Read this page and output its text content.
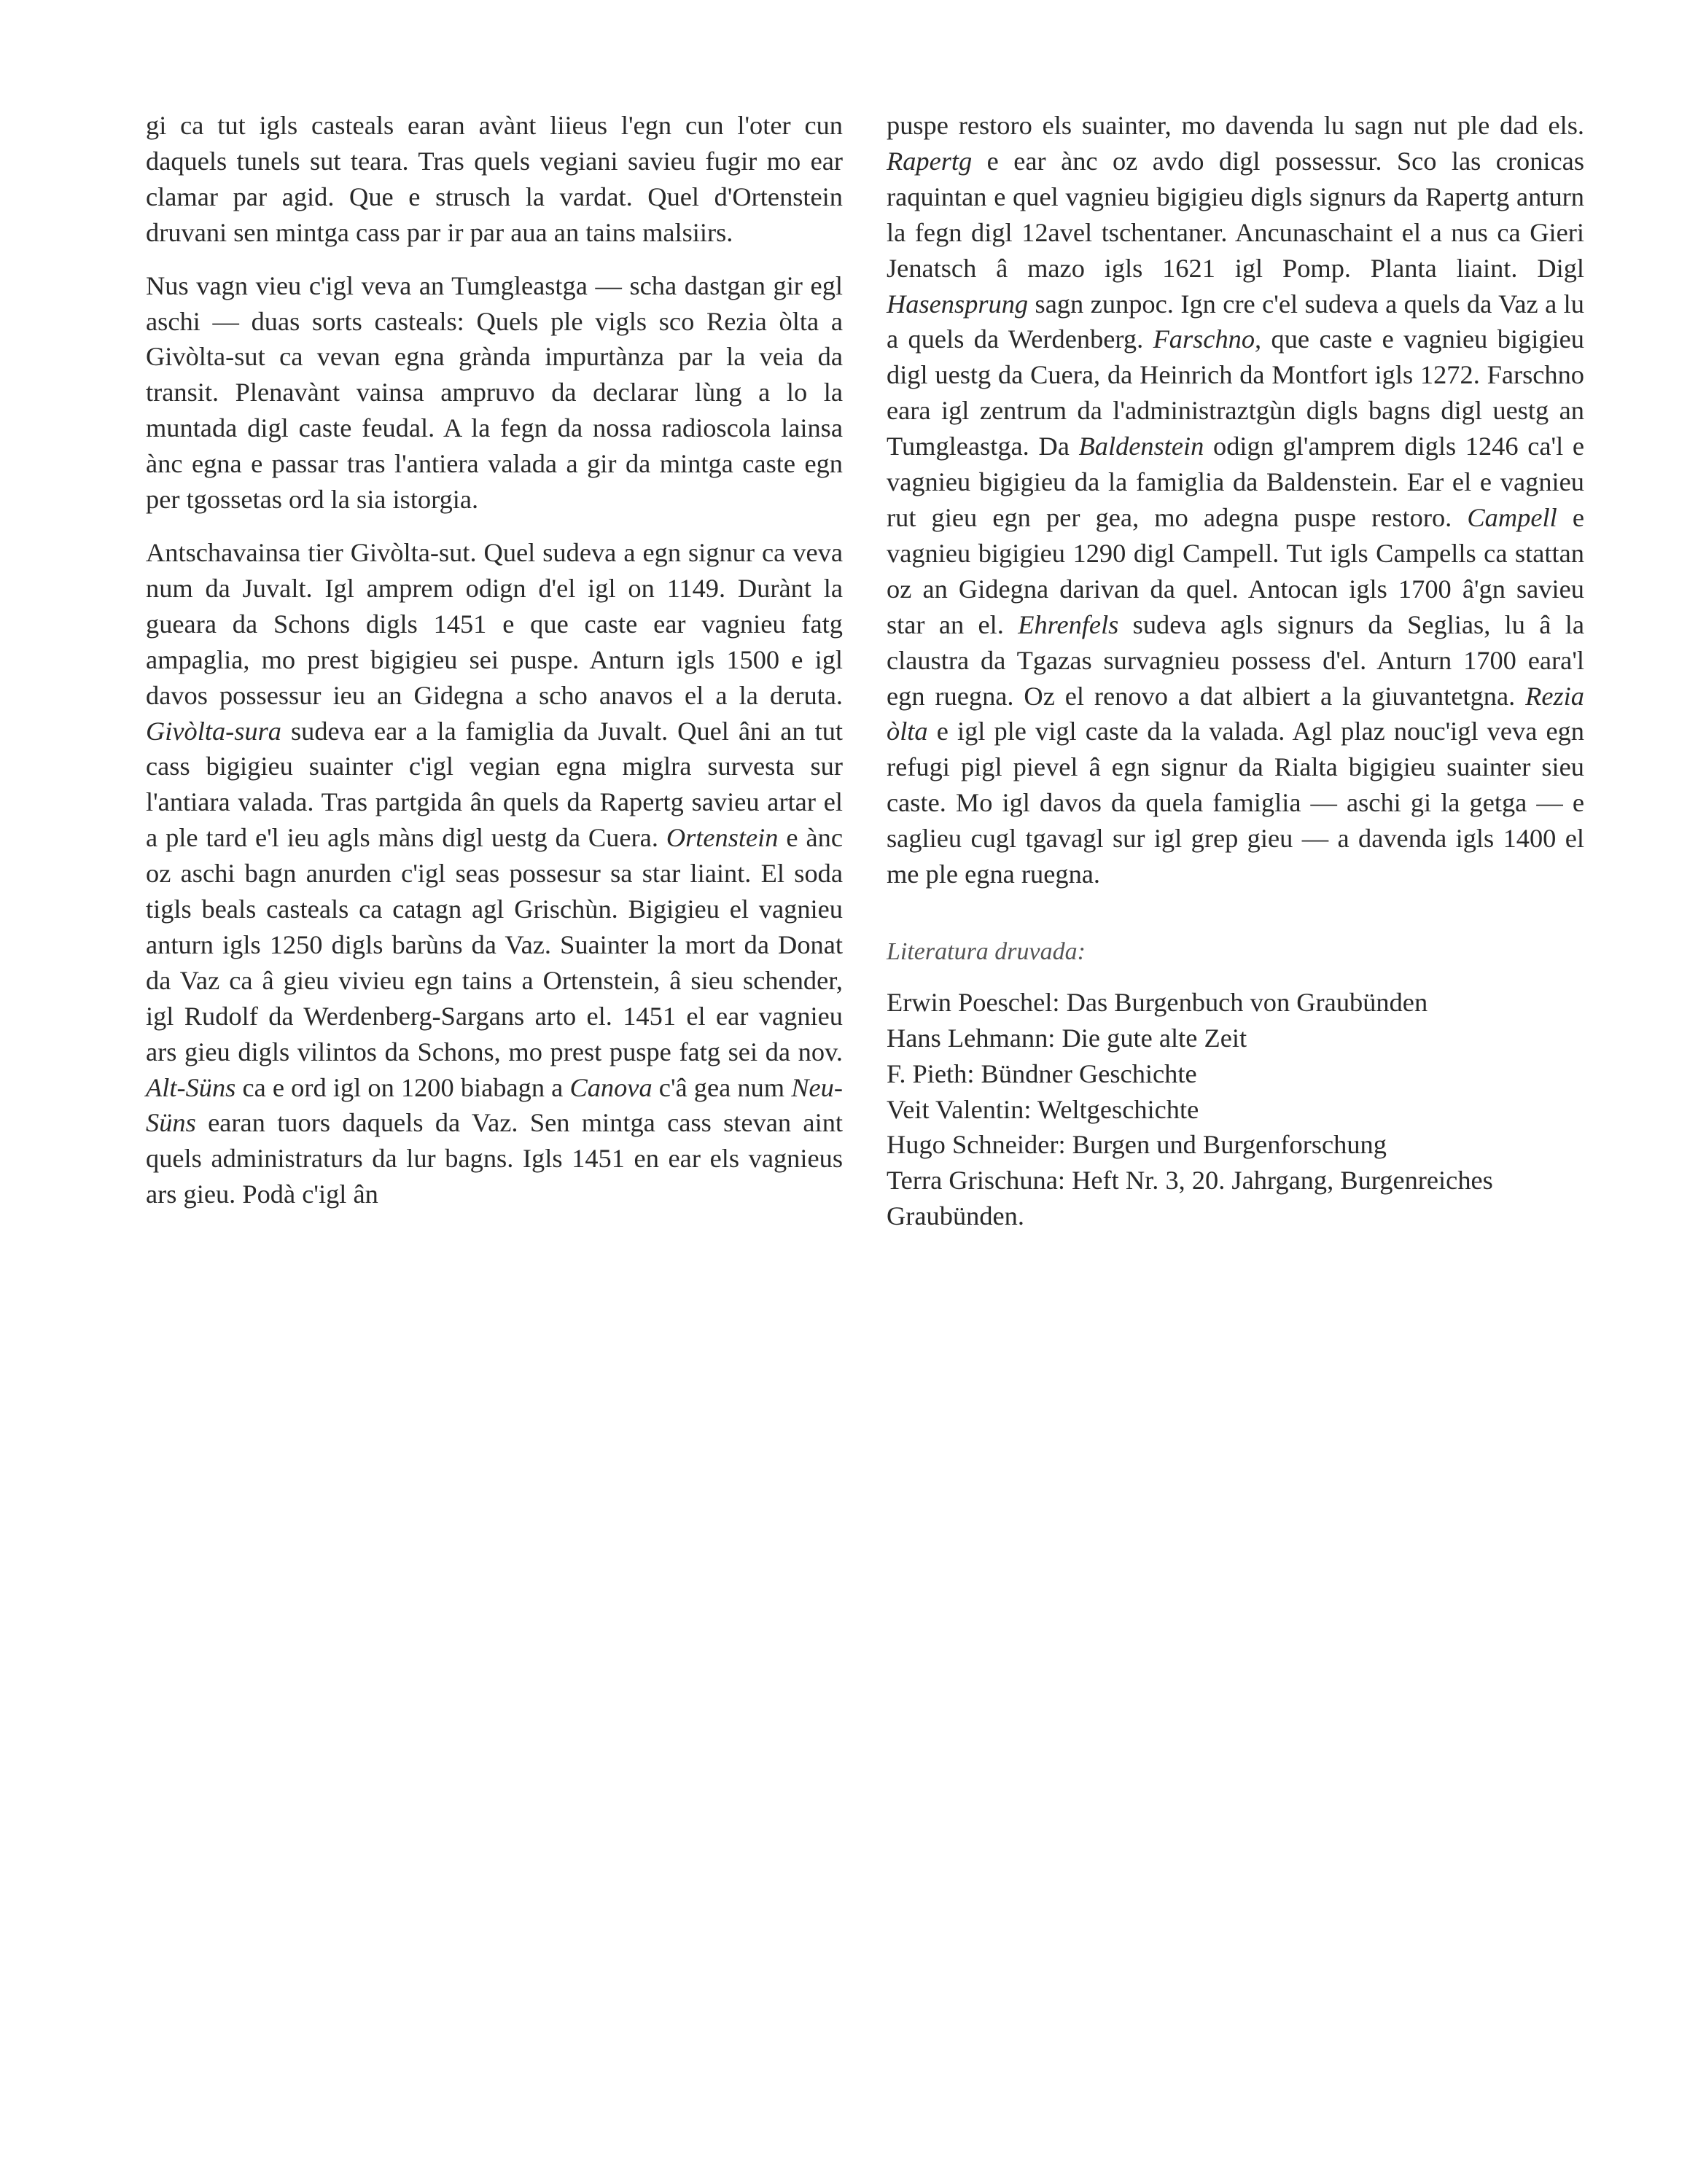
gi ca tut igls casteals earan avànt liieus l'egn cun l'oter cun daquels tunels sut teara. Tras quels vegiani savieu fugir mo ear clamar par agid. Que e strusch la vardat. Quel d'Ortenstein druvani sen mintga cass par ir par aua an tains malsiirs.

Nus vagn vieu c'igl veva an Tumgleastga — scha dastgan gir egl aschi — duas sorts casteals: Quels ple vigls sco Rezia òlta a Givòlta-sut ca vevan egna grànda impurtànza par la veia da transit. Plenavànt vainsa ampruvo da declarar lùng a lo la muntada digl caste feudal. A la fegn da nossa radioscola lainsa ànc egna e passar tras l'antiera valada a gir da mintga caste egn per tgossetas ord la sia istorgia.

Antschavainsa tier Givòlta-sut. Quel sudeva a egn signur ca veva num da Juvalt. Igl amprem odign d'el igl on 1149. Durànt la gueara da Schons digls 1451 e que caste ear vagnieu fatg ampaglia, mo prest bigigieu sei puspe. Anturn igls 1500 e igl davos possessur ieu an Gidegna a scho anavos el a la deruta. Givòlta-sura sudeva ear a la famiglia da Juvalt. Quel âni an tut cass bigigieu suainter c'igl vegian egna miglra survesta sur l'antiara valada. Tras partgida ân quels da Rapertg savieu artar el a ple tard e'l ieu agls màns digl uestg da Cuera. Ortenstein e ànc oz aschi bagn anurden c'igl seas possesur sa star liaint. El soda tigls beals casteals ca catagn agl Grischùn. Bigigieu el vagnieu anturn igls 1250 digls barùns da Vaz. Suainter la mort da Donat da Vaz ca â gieu vivieu egn tains a Ortenstein, â sieu schender, igl Rudolf da Werdenberg-Sargans arto el. 1451 el ear vagnieu ars gieu digls vilintos da Schons, mo prest puspe fatg sei da nov. Alt-Süns ca e ord igl on 1200 biabagn a Canova c'â gea num Neu-Süns earan tuors daquels da Vaz. Sen mintga cass stevan aint quels administraturs da lur bagns. Igls 1451 en ear els vagnieus ars gieu. Podà c'igl ân

puspe restoro els suainter, mo davenda lu sagn nut ple dad els. Rapertg e ear ànc oz avdo digl possessur. Sco las cronicas raquintan e quel vagnieu bigigieu digls signurs da Rapertg anturn la fegn digl 12avel tschentaner. Ancunaschaint el a nus ca Gieri Jenatsch â mazo igls 1621 igl Pomp. Planta liaint. Digl Hasensprung sagn zunpoc. Ign cre c'el sudeva a quels da Vaz a lu a quels da Werdenberg. Farschno, que caste e vagnieu bigigieu digl uestg da Cuera, da Heinrich da Montfort igls 1272. Farschno eara igl zentrum da l'administraztgùn digls bagns digl uestg an Tumgleastga. Da Baldenstein odign gl'amprem digls 1246 ca'l e vagnieu bigigieu da la famiglia da Baldenstein. Ear el e vagnieu rut gieu egn per gea, mo adegna puspe restoro. Campell e vagnieu bigigieu 1290 digl Campell. Tut igls Campells ca stattan oz an Gidegna darivan da quel. Antocan igls 1700 â'gn savieu star an el. Ehrenfels sudeva agls signurs da Seglias, lu â la claustra da Tgazas survagnieu possess d'el. Anturn 1700 eara'l egn ruegna. Oz el renovo a dat albiert a la giuvantetgna. Rezia òlta e igl ple vigl caste da la valada. Agl plaz nouc'igl veva egn refugi pigl pievel â egn signur da Rialta bigigieu suainter sieu caste. Mo igl davos da quela famiglia — aschi gi la getga — e saglieu cugl tgavagl sur igl grep gieu — a davenda igls 1400 el me ple egna ruegna.

Literatura druvada:
Erwin Poeschel: Das Burgenbuch von Graubünden
Hans Lehmann: Die gute alte Zeit
F. Pieth: Bündner Geschichte
Veit Valentin: Weltgeschichte
Hugo Schneider: Burgen und Burgenforschung
Terra Grischuna: Heft Nr. 3, 20. Jahrgang, Burgenreiches Graubünden.
